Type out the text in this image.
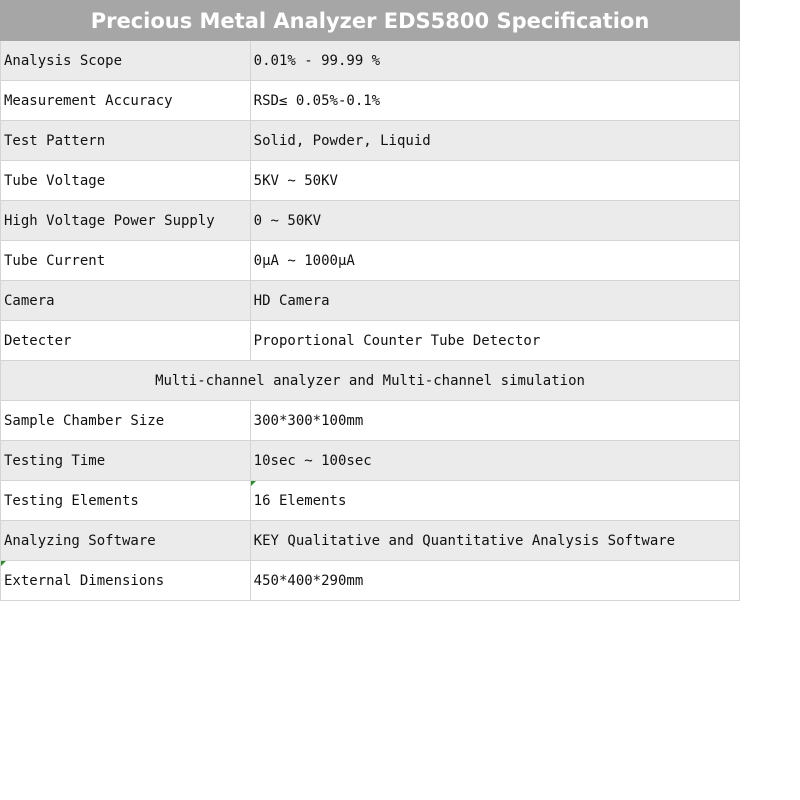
Precious Metal Analyzer EDS5800 Specification	
Analysis Scope	0.01% - 99.99 %
Measurement Accuracy	RSD≤ 0.05%-0.1%
Test Pattern	Solid, Powder, Liquid
Tube Voltage	5KV ~ 50KV
High Voltage Power Supply	0 ~ 50KV
Tube Current	0μA ~ 1000μA
Camera	HD Camera
Detecter	Proportional Counter Tube Detector
Multi-channel analyzer and Multi-channel simulation	
Sample Chamber Size	300*300*100mm
Testing Time	10sec ~ 100sec
Testing Elements	16 Elements
Analyzing Software	KEY Qualitative and Quantitative Analysis Software

External Dimensions	450*400*290mm
